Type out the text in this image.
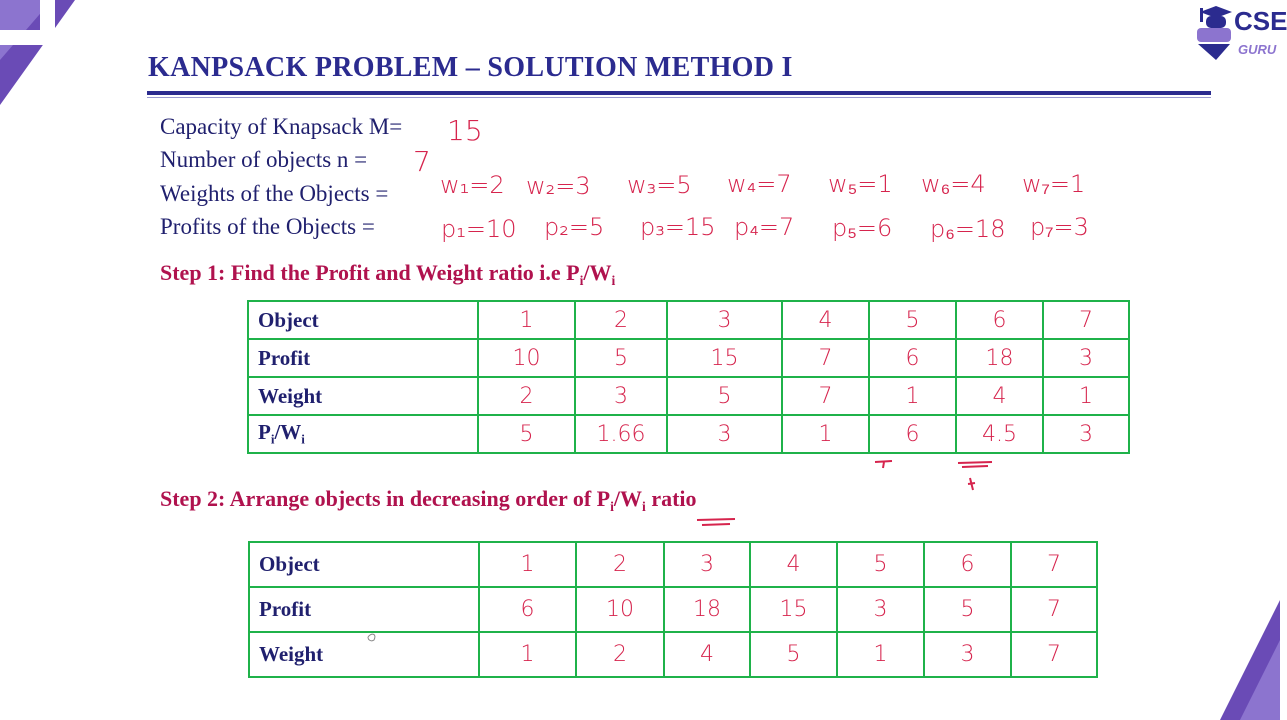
CSE
GURU
KANPSACK PROBLEM – SOLUTION METHOD I
Capacity of Knapsack M= 15
Number of objects n = 7
Weights of the Objects = w₁=2 w₂=3 w₃=5 w₄=7 w₅=1 w₆=4 w₇=1
Profits of the Objects =	p₁=10 p₂=5 p₃=15 p₄=7 p₅=6 p₆=18 p₇=3
Step 1: Find the Profit and Weight ratio i.e $P_i/W_i$
Object	1	2	3	4	5	6	7
Profit	10	5	15	7	6	18	3
Weight	2	3	5	7	1	4	1
$P_i/W_i$	5	1.66	3	1	6	4.5	3
Step 2: Arrange objects in decreasing order of $P_i/W_i$ ratio
Object	1	2	3	4	5	6	7
Profit	6	10	18	15	3	5	7
Weight	1	2	4	5	1	3	7
